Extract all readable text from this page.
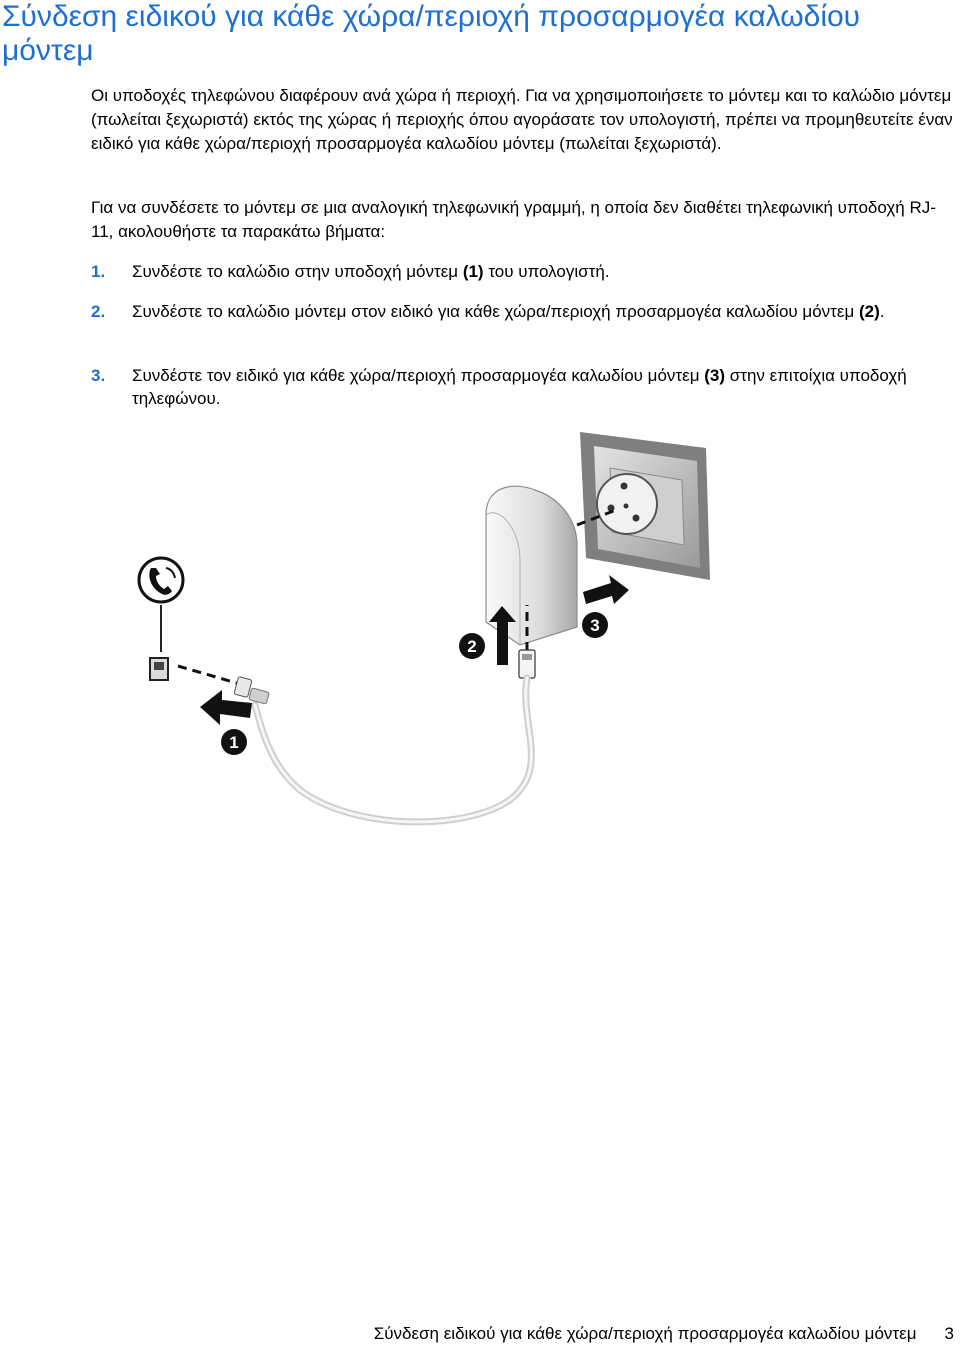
Σύνδεση ειδικού για κάθε χώρα/περιοχή προσαρμογέα καλωδίου μόντεμ

Οι υποδοχές τηλεφώνου διαφέρουν ανά χώρα ή περιοχή. Για να χρησιμοποιήσετε το μόντεμ και το καλώδιο μόντεμ (πωλείται ξεχωριστά) εκτός της χώρας ή περιοχής όπου αγοράσατε τον υπολογιστή, πρέπει να προμηθευτείτε έναν ειδικό για κάθε χώρα/περιοχή προσαρμογέα καλωδίου μόντεμ (πωλείται ξεχωριστά).

Για να συνδέσετε το μόντεμ σε μια αναλογική τηλεφωνική γραμμή, η οποία δεν διαθέτει τηλεφωνική υποδοχή RJ-11, ακολουθήστε τα παρακάτω βήματα:

1. Συνδέστε το καλώδιο στην υποδοχή μόντεμ (1) του υπολογιστή.
2. Συνδέστε το καλώδιο μόντεμ στον ειδικό για κάθε χώρα/περιοχή προσαρμογέα καλωδίου μόντεμ (2).
3. Συνδέστε τον ειδικό για κάθε χώρα/περιοχή προσαρμογέα καλωδίου μόντεμ (3) στην επιτοίχια υποδοχή τηλεφώνου.
1
2
3
Σύνδεση ειδικού για κάθε χώρα/περιοχή προσαρμογέα καλωδίου μόντεμ 3
